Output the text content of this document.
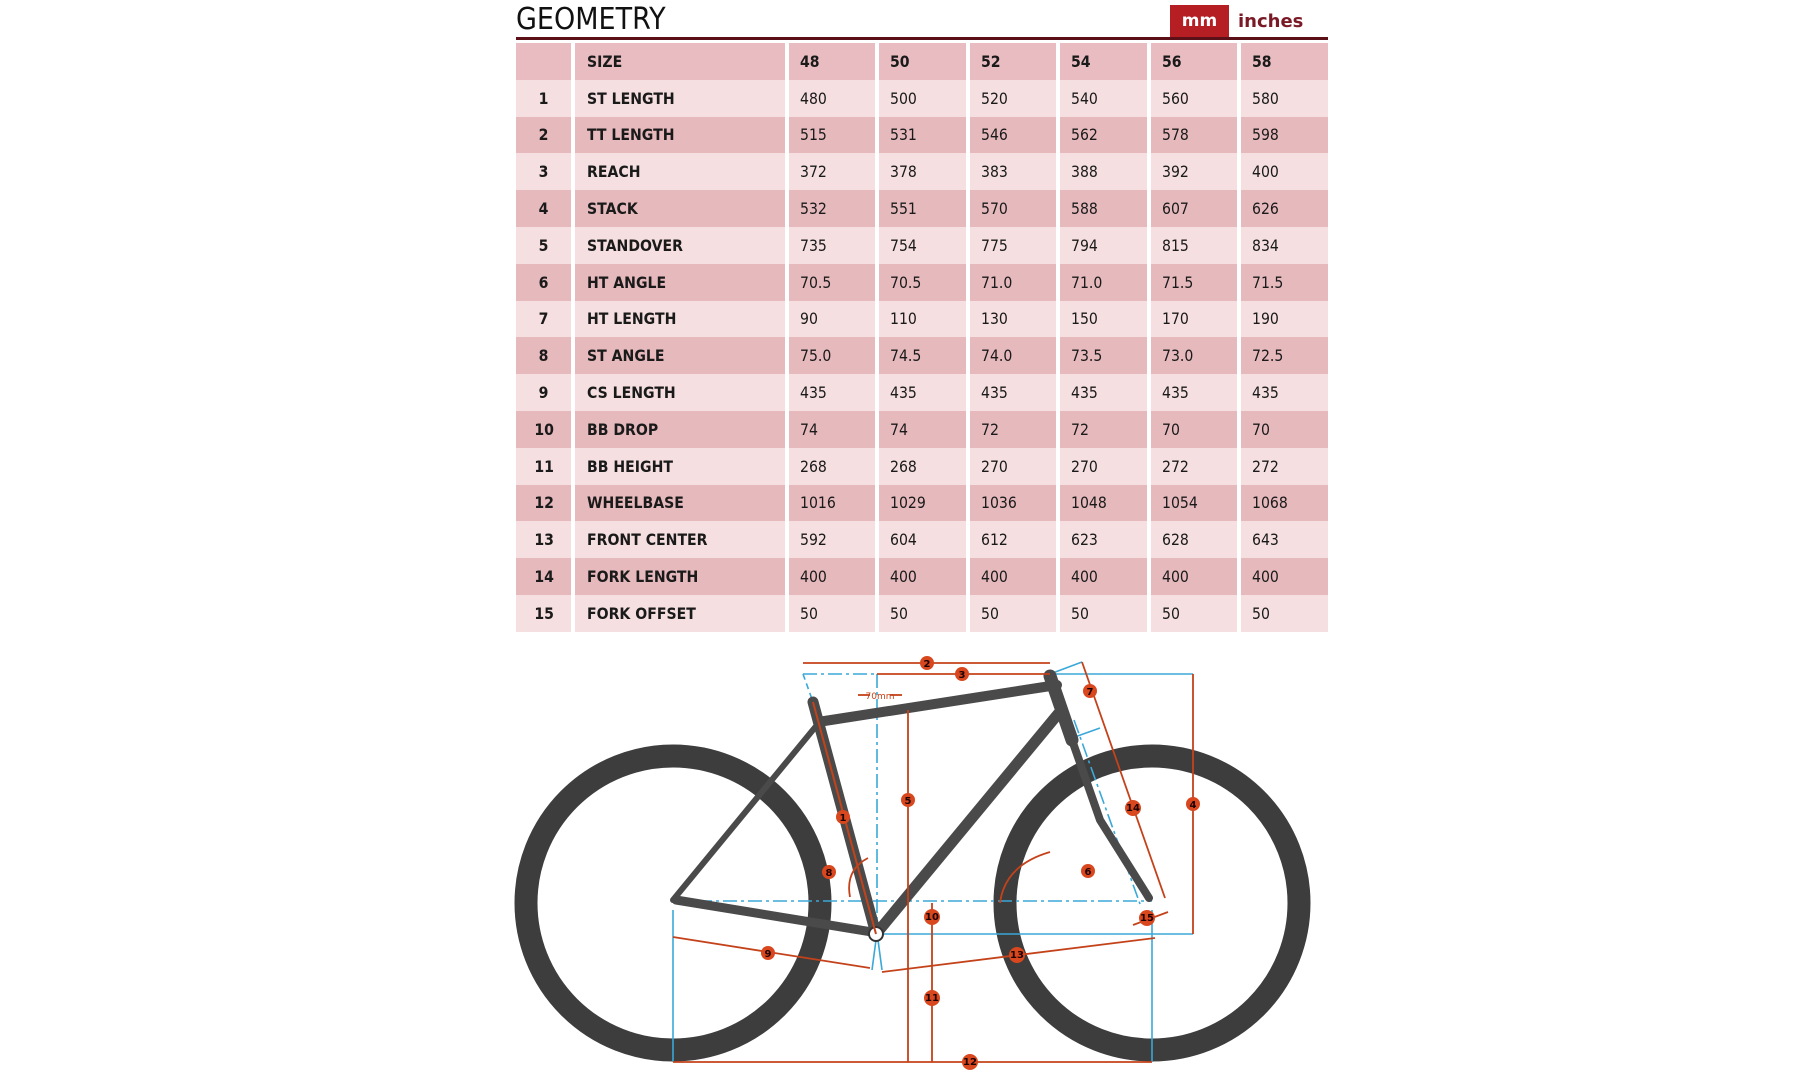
GEOMETRY	mm	inches
	SIZE	48	50	52	54	56	58
1	ST LENGTH	480	500	520	540	560	580
2	TT LENGTH	515	531	546	562	578	598
3	REACH	372	378	383	388	392	400
4	STACK	532	551	570	588	607	626
5	STANDOVER	735	754	775	794	815	834
6	HT ANGLE	70.5	70.5	71.0	71.0	71.5	71.5
7	HT LENGTH	90	110	130	150	170	190
8	ST ANGLE	75.0	74.5	74.0	73.5	73.0	72.5
9	CS LENGTH	435	435	435	435	435	435
10	BB DROP	74	74	72	72	70	70
11	BB HEIGHT	268	268	270	270	272	272
12	WHEELBASE	1016	1029	1036	1048	1054	1068
13	FRONT CENTER	592	604	612	623	628	643
14	FORK LENGTH	400	400	400	400	400	400
15	FORK OFFSET	50	50	50	50	50	50
70mm
1
2
3
4
5
6
7
8
9
10
11
12
13
14
15
